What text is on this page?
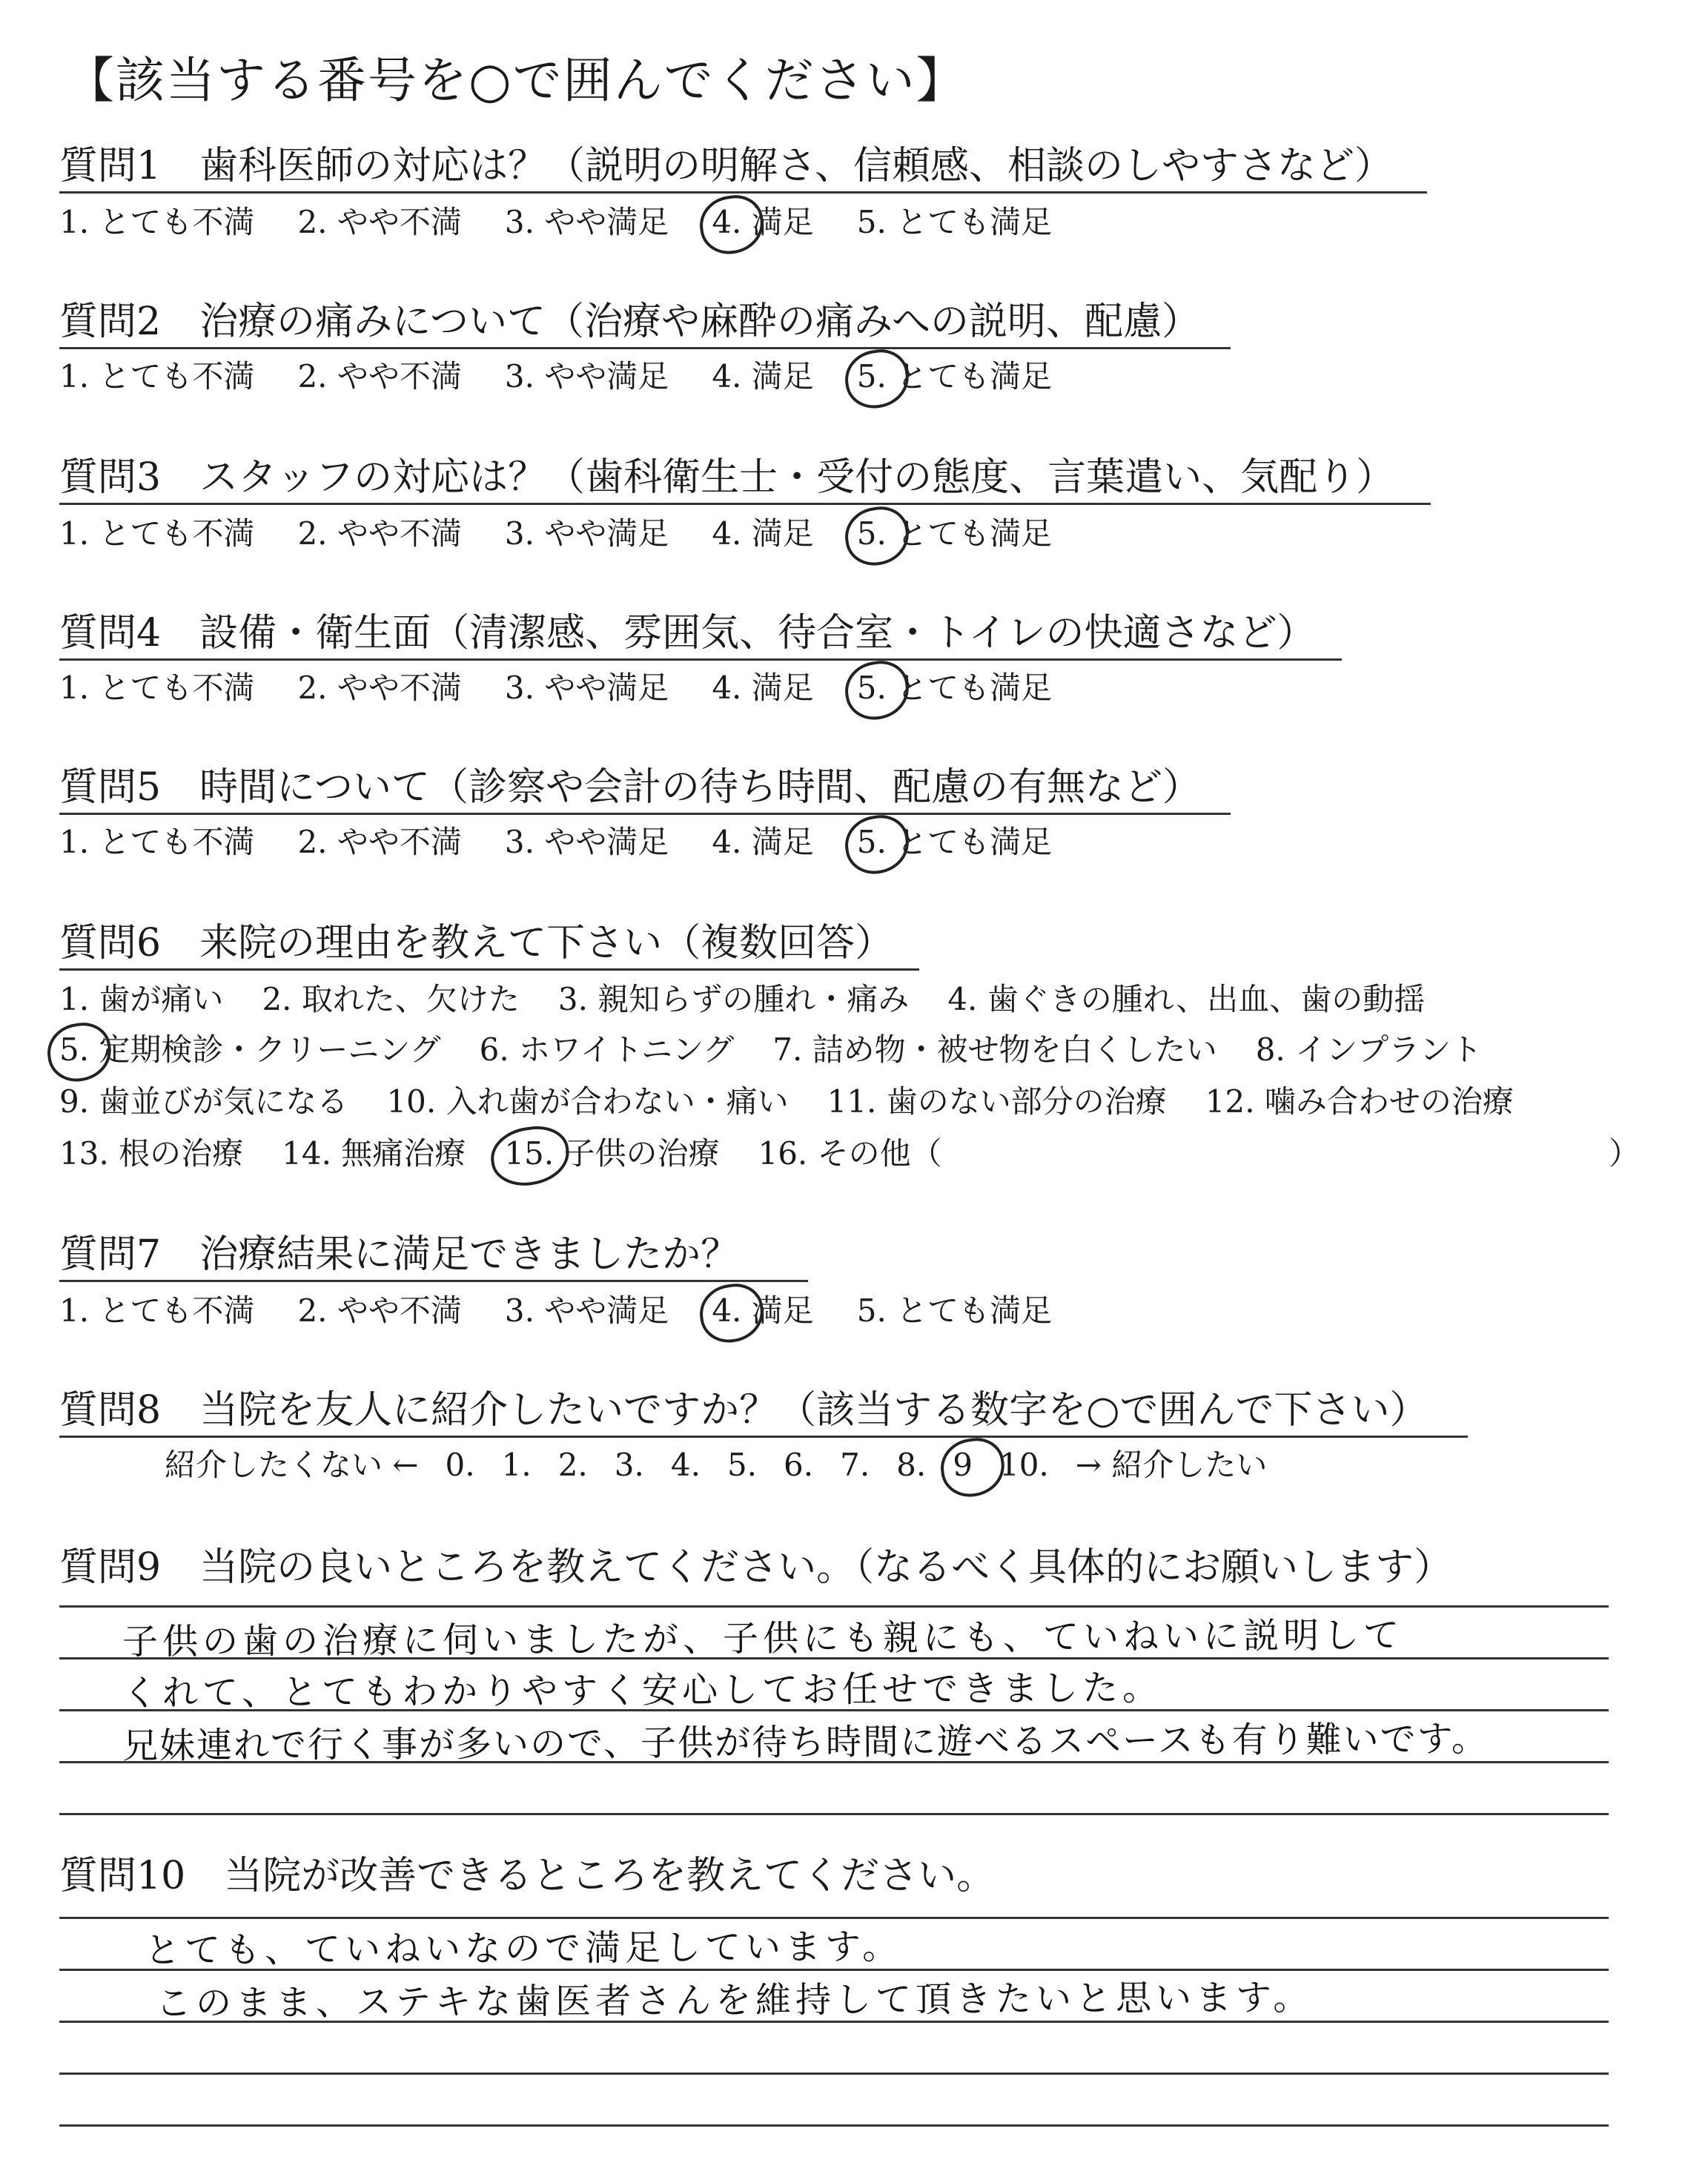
【該当する番号を○で囲んでください】
質問1　歯科医師の対応は？（説明の明解さ、信頼感、相談のしやすさなど）
1. とても不満 2. やや不満 3. やや満足 4. 満足 5. とても満足
質問2　治療の痛みについて（治療や麻酔の痛みへの説明、配慮）
1. とても不満 2. やや不満 3. やや満足 4. 満足 5. とても満足
質問3　スタッフの対応は？（歯科衛生士・受付の態度、言葉遣い、気配り）
1. とても不満 2. やや不満 3. やや満足 4. 満足 5. とても満足
質問4　設備・衛生面（清潔感、雰囲気、待合室・トイレの快適さなど）
1. とても不満 2. やや不満 3. やや満足 4. 満足 5. とても満足
質問5　時間について（診察や会計の待ち時間、配慮の有無など）
1. とても不満 2. やや不満 3. やや満足 4. 満足 5. とても満足
質問6　来院の理由を教えて下さい（複数回答）
1. 歯が痛い 2. 取れた、欠けた 3. 親知らずの腫れ・痛み 4. 歯ぐきの腫れ、出血、歯の動揺
5. 定期検診・クリーニング 6. ホワイトニング 7. 詰め物・被せ物を白くしたい 8. インプラント
9. 歯並びが気になる 10. 入れ歯が合わない・痛い 11. 歯のない部分の治療 12. 噛み合わせの治療
13. 根の治療 14. 無痛治療 15. 子供の治療 16. その他（	）
質問7　治療結果に満足できましたか？
1. とても不満 2. やや不満 3. やや満足 4. 満足 5. とても満足
質問8　当院を友人に紹介したいですか？（該当する数字を○で囲んで下さい）
紹介したくない ← 0. 1. 2. 3. 4. 5. 6. 7. 8. 9 10. → 紹介したい
質問9　当院の良いところを教えてください。（なるべく具体的にお願いします）
子供の歯の治療に伺いましたが、子供にも親にも、ていねいに説明して
くれて、とてもわかりやすく安心してお任せできました。
兄妹連れで行く事が多いので、子供が待ち時間に遊べるスペースも有り難いです。
質問10　当院が改善できるところを教えてください。
とても、ていねいなので満足しています。
このまま、ステキな歯医者さんを維持して頂きたいと思います。
